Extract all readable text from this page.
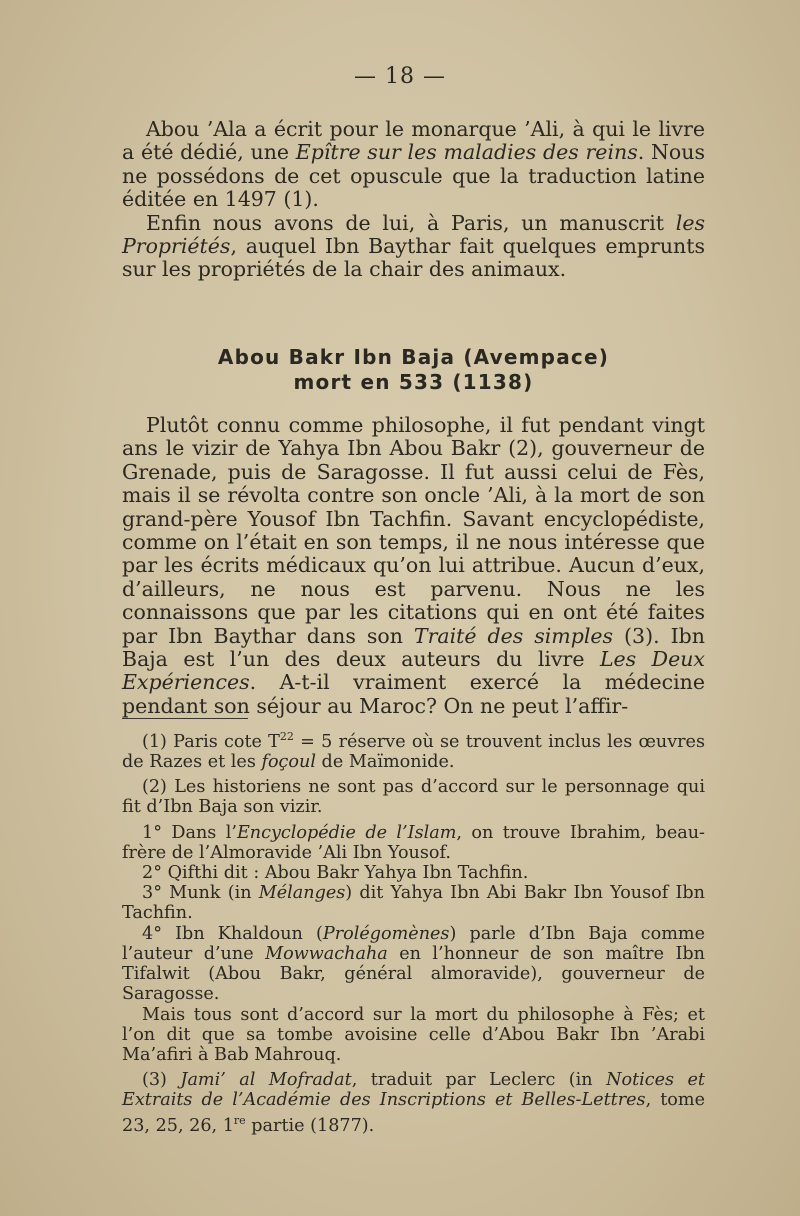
— 18 —

Abou ’Ala a écrit pour le monarque ’Ali, à qui le livre a été dédié, une Epître sur les maladies des reins. Nous ne possédons de cet opuscule que la traduction latine éditée en 1497 (1).

Enfin nous avons de lui, à Paris, un manuscrit les Propriétés, auquel Ibn Baythar fait quelques emprunts sur les propriétés de la chair des animaux.

Abou Bakr Ibn Baja (Avempace)
mort en 533 (1138)

Plutôt connu comme philosophe, il fut pendant vingt ans le vizir de Yahya Ibn Abou Bakr (2), gouverneur de Grenade, puis de Saragosse. Il fut aussi celui de Fès, mais il se révolta contre son oncle ’Ali, à la mort de son grand-père Yousof Ibn Tachfin. Savant encyclopédiste, comme on l’était en son temps, il ne nous intéresse que par les écrits médicaux qu’on lui attribue. Aucun d’eux, d’ailleurs, ne nous est parvenu. Nous ne les connaissons que par les citations qui en ont été faites par Ibn Baythar dans son Traité des simples (3). Ibn Baja est l’un des deux auteurs du livre Les Deux Expériences. A-t-il vraiment exercé la médecine pendant son séjour au Maroc? On ne peut l’affir-

(1) Paris cote $T^{22} = 5$ réserve où se trouvent inclus les œuvres de Razes et les foçoul de Maïmonide.

(2) Les historiens ne sont pas d’accord sur le personnage qui fit d’Ibn Baja son vizir.

1° Dans l’Encyclopédie de l’Islam, on trouve Ibrahim, beau-frère de l’Almoravide ’Ali Ibn Yousof.

2° Qifthi dit : Abou Bakr Yahya Ibn Tachfin.

3° Munk (in Mélanges) dit Yahya Ibn Abi Bakr Ibn Yousof Ibn Tachfin.

4° Ibn Khaldoun (Prolégomènes) parle d’Ibn Baja comme l’auteur d’une Mowwachaha en l’honneur de son maître Ibn Tifalwit (Abou Bakr, général almoravide), gouverneur de Saragosse.

Mais tous sont d’accord sur la mort du philosophe à Fès; et l’on dit que sa tombe avoisine celle d’Abou Bakr Ibn ’Arabi Ma’afiri à Bab Mahrouq.

(3) Jami’ al Mofradat, traduit par Leclerc (in Notices et Extraits de l’Académie des Inscriptions et Belles-Lettres, tome 23, 25, 26, 1re partie (1877).
